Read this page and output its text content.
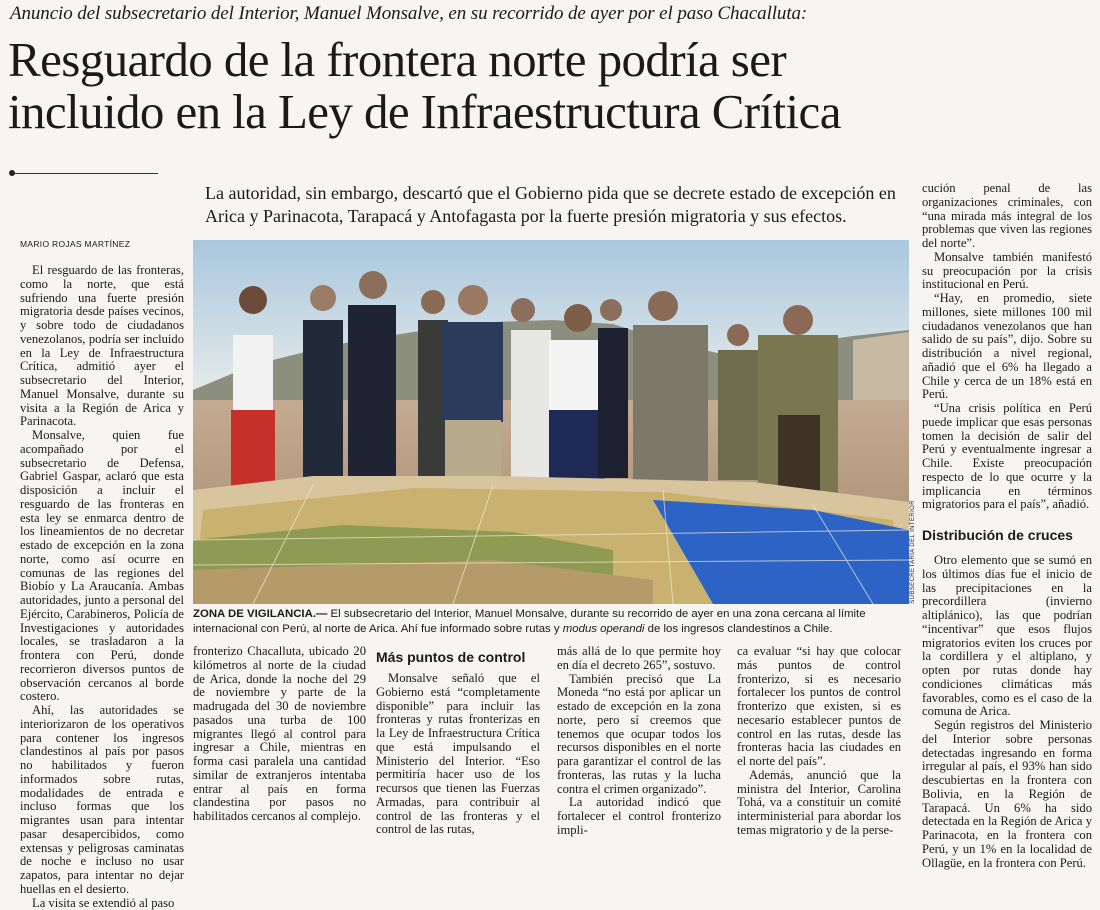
Anuncio del subsecretario del Interior, Manuel Monsalve, en su recorrido de ayer por el paso Chacalluta:
Resguardo de la frontera norte podría ser
incluido en la Ley de Infraestructura Crítica
La autoridad, sin embargo, descartó que el Gobierno pida que se decrete estado de excepción en Arica y Parinacota, Tarapacá y Antofagasta por la fuerte presión migratoria y sus efectos.
MARIO ROJAS MARTÍNEZ

El resguardo de las fronteras, como la norte, que está sufriendo una fuerte presión migratoria desde países vecinos, y sobre todo de ciudadanos venezolanos, podría ser incluido en la Ley de Infraestructura Crítica, admitió ayer el subsecretario del Interior, Manuel Monsalve, durante su visita a la Región de Arica y Parinacota.

Monsalve, quien fue acompañado por el subsecretario de Defensa, Gabriel Gaspar, aclaró que esta disposición a incluir el resguardo de las fronteras en esta ley se enmarca dentro de los lineamientos de no decretar estado de excepción en la zona norte, como así ocurre en comunas de las regiones del Biobío y La Araucanía. Ambas autoridades, junto a personal del Ejército, Carabineros, Policía de Investigaciones y autoridades locales, se trasladaron a la frontera con Perú, donde recorrieron diversos puntos de observación cercanos al borde costero.

Ahí, las autoridades se interiorizaron de los operativos para contener los ingresos clandestinos al país por pasos no habilitados y fueron informados sobre rutas, modalidades de entrada e incluso formas que los migrantes usan para intentar pasar desapercibidos, como extensas y peligrosas caminatas de noche e incluso no usar zapatos, para intentar no dejar huellas en el desierto.

La visita se extendió al paso

SUBSECRETARÍA DEL INTERIOR
ZONA DE VIGILANCIA.— El subsecretario del Interior, Manuel Monsalve, durante su recorrido de ayer en una zona cercana al límite internacional con Perú, al norte de Arica. Ahí fue informado sobre rutas y modus operandi de los ingresos clandestinos a Chile.

fronterizo Chacalluta, ubicado 20 kilómetros al norte de la ciudad de Arica, donde la noche del 29 de noviembre y parte de la madrugada del 30 de noviembre pasados una turba de 100 migrantes llegó al control para ingresar a Chile, mientras en forma casi paralela una cantidad similar de extranjeros intentaba entrar al país en forma clandestina por pasos no habilitados cercanos al complejo.

Más puntos de control

Monsalve señaló que el Gobierno está “completamente disponible” para incluir las fronteras y rutas fronterizas en la Ley de Infraestructura Crítica que está impulsando el Ministerio del Interior. “Eso permitiría hacer uso de los recursos que tienen las Fuerzas Armadas, para contribuir al control de las fronteras y el control de las rutas,

más allá de lo que permite hoy en día el decreto 265”, sostuvo.

También precisó que La Moneda “no está por aplicar un estado de excepción en la zona norte, pero sí creemos que tenemos que ocupar todos los recursos disponibles en el norte para garantizar el control de las fronteras, las rutas y la lucha contra el crimen organizado”.

La autoridad indicó que fortalecer el control fronterizo impli-

ca evaluar “si hay que colocar más puntos de control fronterizo, si es necesario fortalecer los puntos de control fronterizo que existen, si es necesario establecer puntos de control en las rutas, desde las fronteras hacia las ciudades en el norte del país”.

Además, anunció que la ministra del Interior, Carolina Tohá, va a constituir un comité interministerial para abordar los temas migratorio y de la perse-

cución penal de las organizaciones criminales, con “una mirada más integral de los problemas que viven las regiones del norte”.

Monsalve también manifestó su preocupación por la crisis institucional en Perú.

“Hay, en promedio, siete millones, siete millones 100 mil ciudadanos venezolanos que han salido de su país”, dijo. Sobre su distribución a nivel regional, añadió que el 6% ha llegado a Chile y cerca de un 18% está en Perú.

“Una crisis política en Perú puede implicar que esas personas tomen la decisión de salir del Perú y eventualmente ingresar a Chile. Existe preocupación respecto de lo que ocurre y la implicancia en términos migratorios para el país”, añadió.

Distribución de cruces

Otro elemento que se sumó en los últimos días fue el inicio de las precipitaciones en la precordillera (invierno altiplánico), las que podrían “incentivar” que esos flujos migratorios eviten los cruces por la cordillera y el altiplano, y opten por rutas donde hay condiciones climáticas más favorables, como es el caso de la comuna de Arica.

Según registros del Ministerio del Interior sobre personas detectadas ingresando en forma irregular al país, el 93% han sido descubiertas en la frontera con Bolivia, en la Región de Tarapacá. Un 6% ha sido detectada en la Región de Arica y Parinacota, en la frontera con Perú, y un 1% en la localidad de Ollagüe, en la frontera con Perú.
